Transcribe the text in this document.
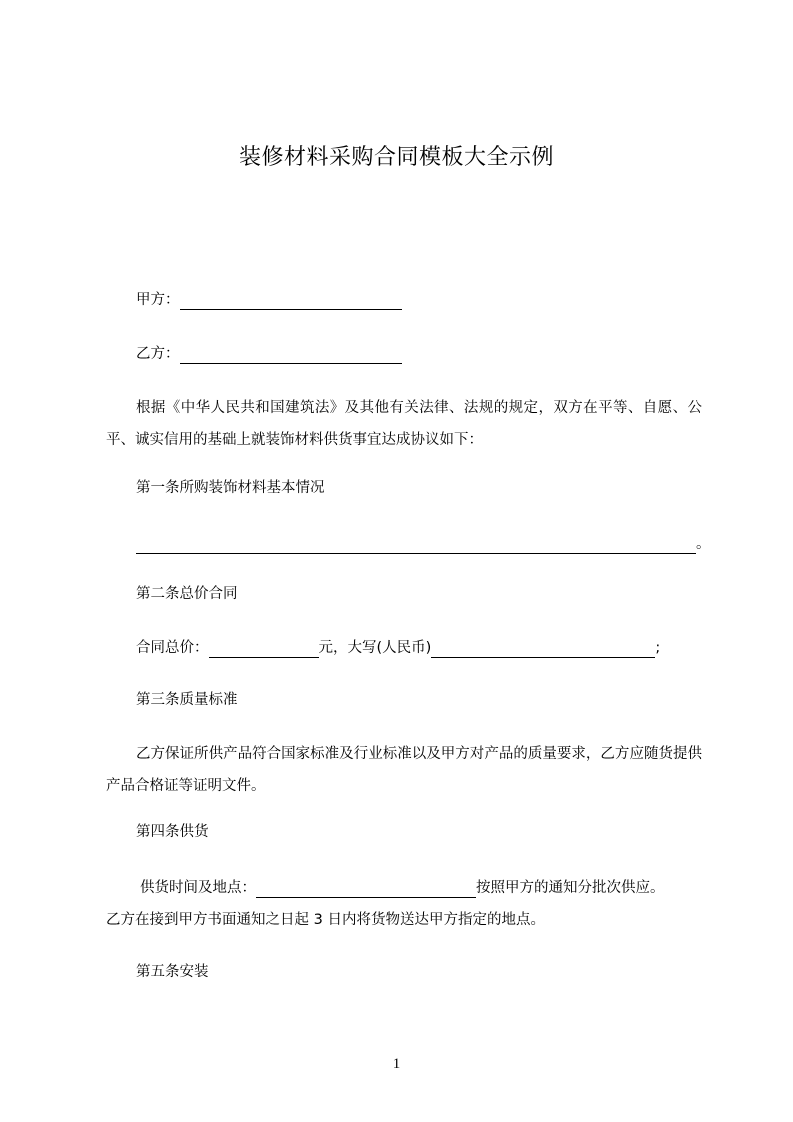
装修材料采购合同模板大全示例
甲方：
乙方：
根据《中华人民共和国建筑法》及其他有关法律、法规的规定，双方在平等、自愿、公平、诚实信用的基础上就装饰材料供货事宜达成协议如下：
第一条所购装饰材料基本情况
。
第二条总价合同
合同总价：	元，大写(人民币)	;
第三条质量标准
乙方保证所供产品符合国家标准及行业标准以及甲方对产品的质量要求，乙方应随货提供产品合格证等证明文件。
第四条供货
供货时间及地点：	按照甲方的通知分批次供应。
乙方在接到甲方书面通知之日起 3 日内将货物送达甲方指定的地点。
第五条安装
1
